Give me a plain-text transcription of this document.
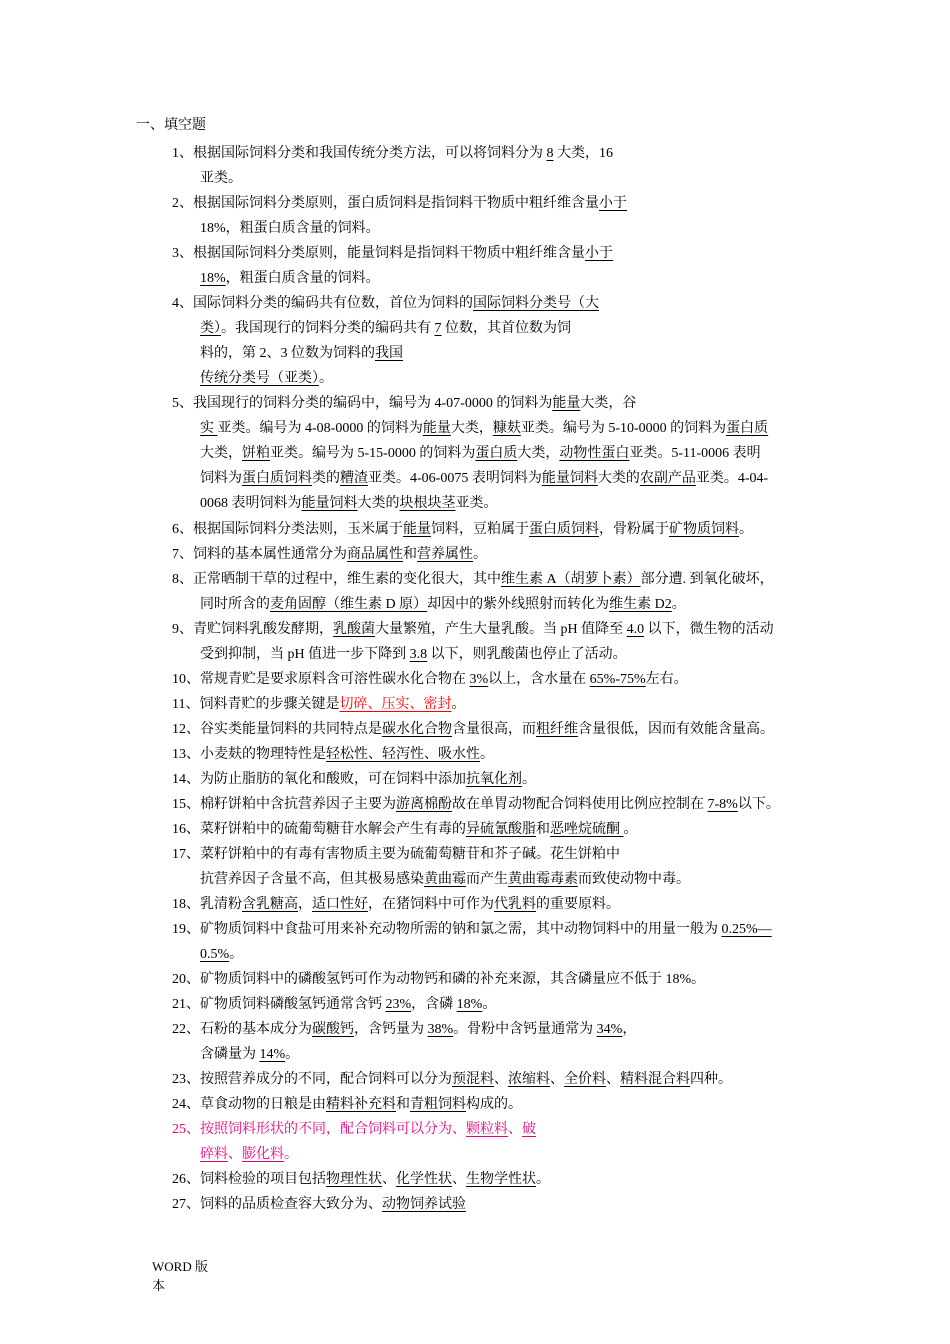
一、填空题
1、根据国际饲料分类和我国传统分类方法，可以将饲料分为 8 大类，16
亚类。
2、根据国际饲料分类原则，蛋白质饲料是指饲料干物质中粗纤维含量小于
18%，粗蛋白质含量的饲料。
3、根据国际饲料分类原则，能量饲料是指饲料干物质中粗纤维含量小于
18%，粗蛋白质含量的饲料。
4、国际饲料分类的编码共有位数，首位为饲料的国际饲料分类号（大
类）。我国现行的饲料分类的编码共有 7 位数，其首位数为饲
料的，第 2、3 位数为饲料的我国
传统分类号（亚类）。
5、我国现行的饲料分类的编码中，编号为 4-07-0000 的饲料为能量大类，谷
实 亚类。编号为 4-08-0000 的饲料为能量大类，糠麸亚类。编号为 5-10-0000 的饲料为蛋白质
大类，饼粕亚类。编号为 5-15-0000 的饲料为蛋白质大类，动物性蛋白亚类。5-11-0006 表明
饲料为蛋白质饲料类的糟渣亚类。4-06-0075 表明饲料为能量饲料大类的农副产品亚类。4-04-
0068 表明饲料为能量饲料大类的块根块茎亚类。
6、根据国际饲料分类法则，玉米属于能量饲料，豆粕属于蛋白质饲料，骨粉属于矿物质饲料。
7、饲料的基本属性通常分为商品属性和营养属性。
8、正常晒制干草的过程中，维生素的变化很大，其中维生素 A（胡萝卜素）部分遭. 到氧化破坏，
同时所含的麦角固醇（维生素 D 原）却因中的紫外线照射而转化为维生素 D2。
9、青贮饲料乳酸发酵期，乳酸菌大量繁殖，产生大量乳酸。当 pH 值降至 4.0 以下，微生物的活动
受到抑制，当 pH 值进一步下降到 3.8 以下，则乳酸菌也停止了活动。
10、常规青贮是要求原料含可溶性碳水化合物在 3%以上，含水量在 65%-75%左右。
11、饲料青贮的步骤关键是切碎、压实、密封。
12、谷实类能量饲料的共同特点是碳水化合物含量很高，而粗纤维含量很低，因而有效能含量高。
13、小麦麸的物理特性是轻松性、轻泻性、吸水性。
14、为防止脂肪的氧化和酸败，可在饲料中添加抗氧化剂。
15、棉籽饼粕中含抗营养因子主要为游离棉酚故在单胃动物配合饲料使用比例应控制在 7-8%以下。
16、菜籽饼粕中的硫葡萄糖苷水解会产生有毒的异硫氰酸脂和恶唑烷硫酮 。
17、菜籽饼粕中的有毒有害物质主要为硫葡萄糖苷和芥子碱。花生饼粕中
抗营养因子含量不高，但其极易感染黄曲霉而产生黄曲霉毒素而致使动物中毒。
18、乳清粉含乳糖高，适口性好，在猪饲料中可作为代乳料的重要原料。
19、矿物质饲料中食盐可用来补充动物所需的钠和氯之需，其中动物饲料中的用量一般为 0.25%—
0.5%。
20、矿物质饲料中的磷酸氢钙可作为动物钙和磷的补充来源，其含磷量应不低于 18%。
21、矿物质饲料磷酸氢钙通常含钙 23%，含磷 18%。
22、石粉的基本成分为碳酸钙，含钙量为 38%。骨粉中含钙量通常为 34%，
含磷量为 14%。
23、按照营养成分的不同，配合饲料可以分为预混料、浓缩料、全价料、精料混合料四种。
24、草食动物的日粮是由精料补充料和青粗饲料构成的。
25、按照饲料形状的不同，配合饲料可以分为、颗粒料、破
碎料、膨化料。
26、饲料检验的项目包括物理性状、化学性状、生物学性状。
27、饲料的品质检查容大致分为、动物饲养试验
WORD 版
本
